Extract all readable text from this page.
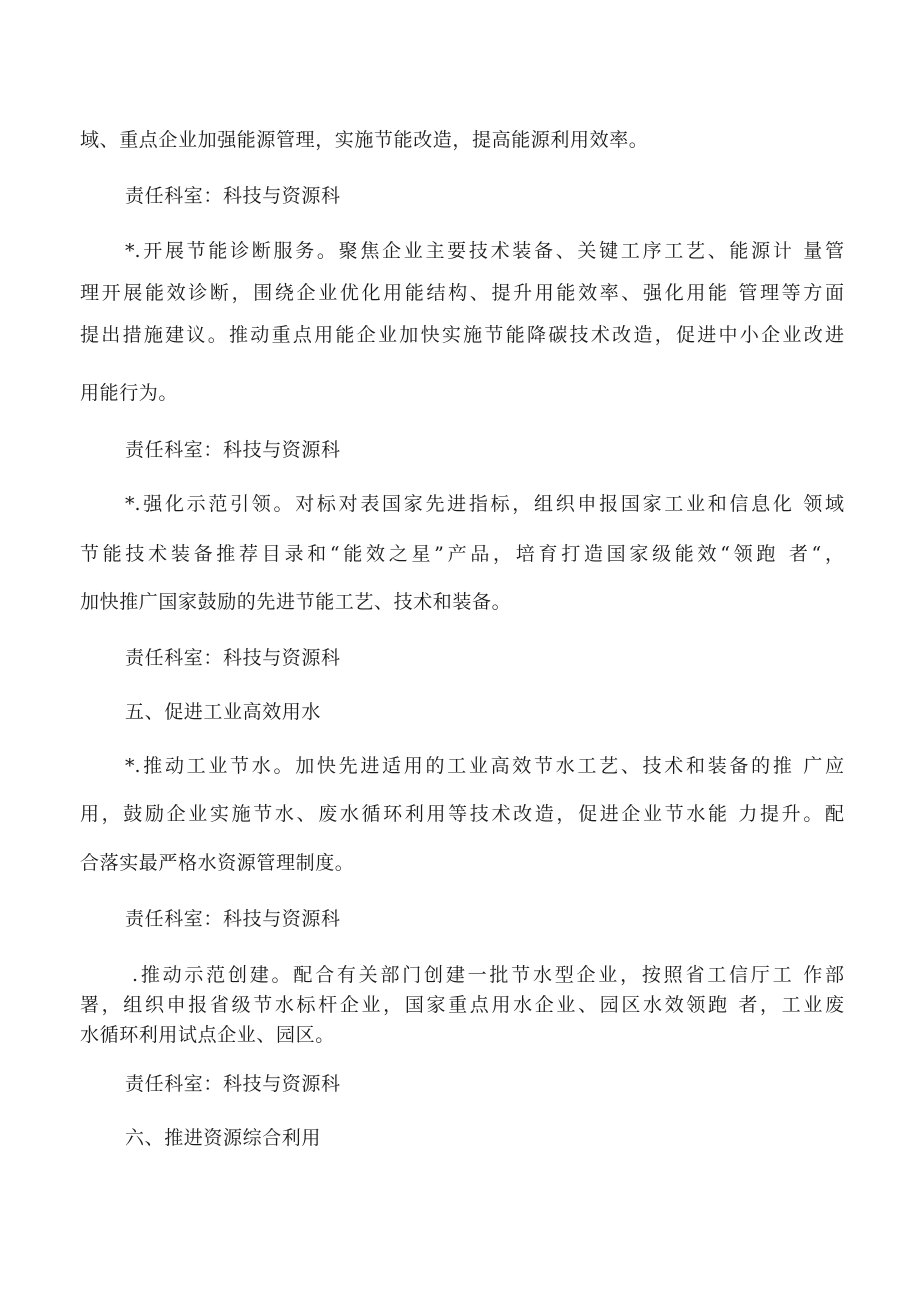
域、重点企业加强能源管理，实施节能改造，提高能源利用效率。
责任科室：科技与资源科
*.开展节能诊断服务。聚焦企业主要技术装备、关键工序工艺、能源计 量管
理开展能效诊断，围绕企业优化用能结构、提升用能效率、强化用能 管理等方面
提出措施建议。推动重点用能企业加快实施节能降碳技术改造，促进中小企业改进
用能行为。
责任科室：科技与资源科
*.强化示范引领。对标对表国家先进指标，组织申报国家工业和信息化 领域
节能技术装备推荐目录和“能效之星”产品，培育打造国家级能效“领跑 者“，
加快推广国家鼓励的先进节能工艺、技术和装备。
责任科室：科技与资源科
五、促进工业高效用水
*.推动工业节水。加快先进适用的工业高效节水工艺、技术和装备的推 广应
用，鼓励企业实施节水、废水循环利用等技术改造，促进企业节水能 力提升。配
合落实最严格水资源管理制度。
责任科室：科技与资源科
.推动示范创建。配合有关部门创建一批节水型企业，按照省工信厅工 作部
署，组织申报省级节水标杆企业，国家重点用水企业、园区水效领跑 者，工业废
水循环利用试点企业、园区。
责任科室：科技与资源科
六、推进资源综合利用
